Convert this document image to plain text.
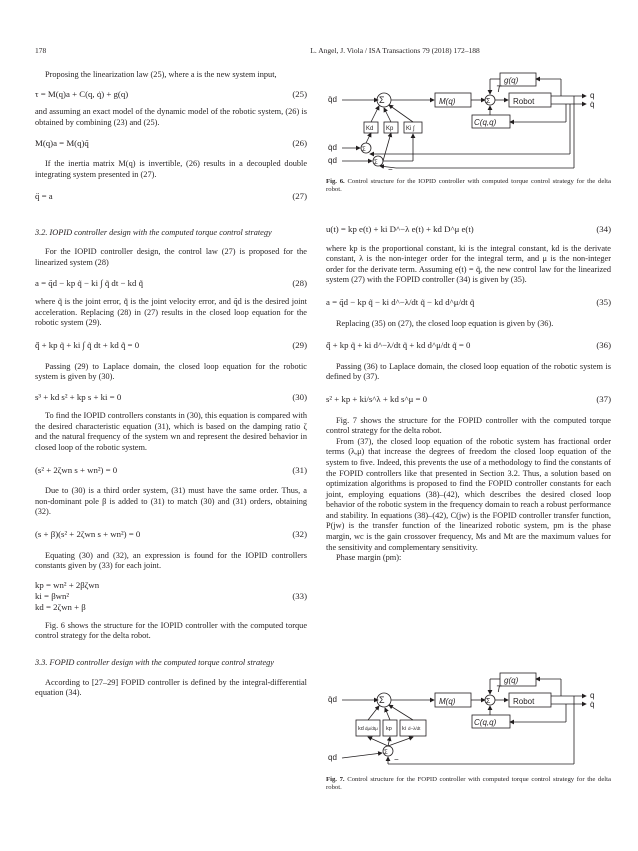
178	L. Angel, J. Viola / ISA Transactions 79 (2018) 172–188

Proposing the linearization law (25), where a is the new system input,

τ = M(q)a + C(q, q̇) + g(q)	(25)

and assuming an exact model of the dynamic model of the robotic system, (26) is obtained by combining (23) and (25).

M(q)a = M(q)q̈	(26)

If the inertia matrix M(q) is invertible, (26) results in a decoupled double integrating system presented in (27).

q̈ = a	(27)

3.2. IOPID controller design with the computed torque control strategy

For the IOPID controller design, the control law (27) is proposed for the linearized system (28)

a = q̈d − kp q̃ − ki ∫ q̃ dt − kd q̃̇	(28)

where q̃ is the joint error, q̃̇ is the joint velocity error, and q̈d is the desired joint acceleration. Replacing (28) in (27) results in the closed loop equation for the robotic system (29).

q̃̈ + kp q̃ + ki ∫ q̃ dt + kd q̃̇ = 0	(29)

Passing (29) to Laplace domain, the closed loop equation for the robotic system is given by (30).

s³ + kd s² + kp s + ki = 0	(30)

To find the IOPID controllers constants in (30), this equation is compared with the desired characteristic equation (31), which is based on the damping ratio ζ and the natural frequency of the system wn and represent the desired behavior in closed loop of the robotic system.

(s² + 2ζwn s + wn²) = 0	(31)

Due to (30) is a third order system, (31) must have the same order. Thus, a non-dominant pole β is added to (31) to match (30) and (31) orders, obtaining (32).

(s + β)(s² + 2ζwn s + wn²) = 0	(32)

Equating (30) and (32), an expression is found for the IOPID controllers constants given by (33) for each joint.

kp = wn² + 2βζwn
ki = βwn²
kd = 2ζwn + β
(33)

Fig. 6 shows the structure for the IOPID controller with the computed torque control strategy for the delta robot.

3.3. FOPID controller design with the computed torque control strategy

According to [27–29] FOPID controller is defined by the integral-differential equation (34).

q̈d
q̇d
qd
Σ	Σ
Σ
Σ
M(q)	Robot
g(q)
C(q,q)
T
Kd Kp Ki ∫
q
q̇
−
Fig. 6. Control structure for the IOPID controller with computed torque control strategy for the delta robot.
u(t) = kp e(t) + ki D^−λ e(t) + kd D^μ e(t)	(34)

where kp is the proportional constant, ki is the integral constant, kd is the derivate constant, λ is the non-integer order for the integral term, and μ is the non-integer order for the derivate term. Assuming e(t) = q̃, the new control law for the linearized system (27) with the FOPID controller (34) is given by (35).

a = q̈d − kp q̃ − ki d^−λ/dt q̃ − kd d^μ/dt q̃	(35)

Replacing (35) on (27), the closed loop equation is given by (36).

q̃̈ + kp q̃ + ki d^−λ/dt q̃ + kd d^μ/dt q̃ = 0	(36)

Passing (36) to Laplace domain, the closed loop equation of the robotic system is defined by (37).

s² + kp + ki/s^λ + kd s^μ = 0	(37)

Fig. 7 shows the structure for the FOPID controller with the computed torque control strategy for the delta robot.

From (37), the closed loop equation of the robotic system has fractional order terms (λ,μ) that increase the degrees of freedom the closed loop equation of the system to five. Indeed, this prevents the use of a methodology to find the constants of the FOPID controllers like that presented in Section 3.2. Thus, a solution based on optimization algorithms is proposed to find the FOPID controller constants for each joint, employing equations (38)–(42), which describes the desired closed loop behavior of the robotic system in the frequency domain to reach a robust performance and stability. In equations (38)–(42), C(jw) is the FOPID controller transfer function, P(jw) is the transfer function of the linearized robotic system, pm is the phase margin, wc is the gain crossover frequency, Ms and Mt are the maximum values for the sensitivity and complementary sensitivity.

Phase margin (pm):

q̈d
qd
Σ	Σ
Σ
M(q)	Robot
g(q)
C(q,q)
T
kd dμ/dtμ kp ki d−λ/dt
q
q̇
−
Fig. 7. Control structure for the FOPID controller with computed torque control strategy for the delta robot.
